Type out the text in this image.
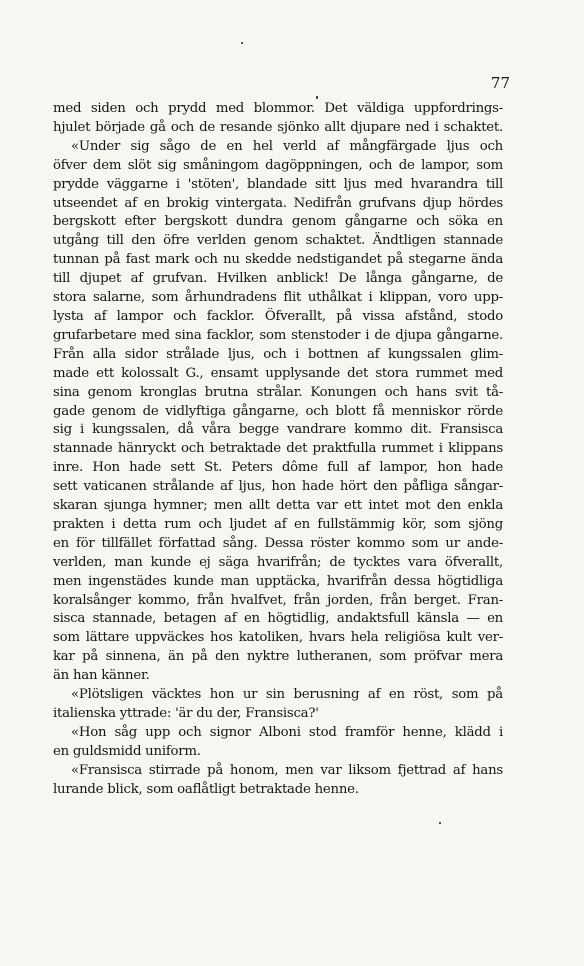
77
med siden och prydd med blommor. Det väldiga uppfordrings-
hjulet började gå och de resande sjönko allt djupare ned i schaktet.
«Under sig sågo de en hel verld af mångfärgade ljus och
öfver dem slöt sig småningom dagöppningen, och de lampor, som
prydde väggarne i 'stöten', blandade sitt ljus med hvarandra till
utseendet af en brokig vintergata. Nedifrån grufvans djup hördes
bergskott efter bergskott dundra genom gångarne och söka en
utgång till den öfre verlden genom schaktet. Ändtligen stannade
tunnan på fast mark och nu skedde nedstigandet på stegarne ända
till djupet af grufvan. Hvilken anblick! De långa gångarne, de
stora salarne, som århundradens flit uthålkat i klippan, voro upp-
lysta af lampor och facklor. Öfverallt, på vissa afstånd, stodo
grufarbetare med sina facklor, som stenstoder i de djupa gångarne.
Från alla sidor strålade ljus, och i bottnen af kungssalen glim-
made ett kolossalt G., ensamt upplysande det stora rummet med
sina genom kronglas brutna strålar. Konungen och hans svit tå-
gade genom de vidlyftiga gångarne, och blott få menniskor rörde
sig i kungssalen, då våra begge vandrare kommo dit. Fransisca
stannade hänryckt och betraktade det praktfulla rummet i klippans
inre. Hon hade sett St. Peters dôme full af lampor, hon hade
sett vaticanen strålande af ljus, hon hade hört den påfliga sångar-
skaran sjunga hymner; men allt detta var ett intet mot den enkla
prakten i detta rum och ljudet af en fullstämmig kör, som sjöng
en för tillfället författad sång. Dessa röster kommo som ur ande-
verlden, man kunde ej säga hvarifrån; de tycktes vara öfverallt,
men ingenstädes kunde man upptäcka, hvarifrån dessa högtidliga
koralsånger kommo, från hvalfvet, från jorden, från berget. Fran-
sisca stannade, betagen af en högtidlig, andaktsfull känsla — en
som lättare uppväckes hos katoliken, hvars hela religiösa kult ver-
kar på sinnena, än på den nyktre lutheranen, som pröfvar mera
än han känner.
«Plötsligen väcktes hon ur sin berusning af en röst, som på
italienska yttrade: 'är du der, Fransisca?'
«Hon såg upp och signor Alboni stod framför henne, klädd i
en guldsmidd uniform.
«Fransisca stirrade på honom, men var liksom fjettrad af hans
lurande blick, som oaflåtligt betraktade henne.
